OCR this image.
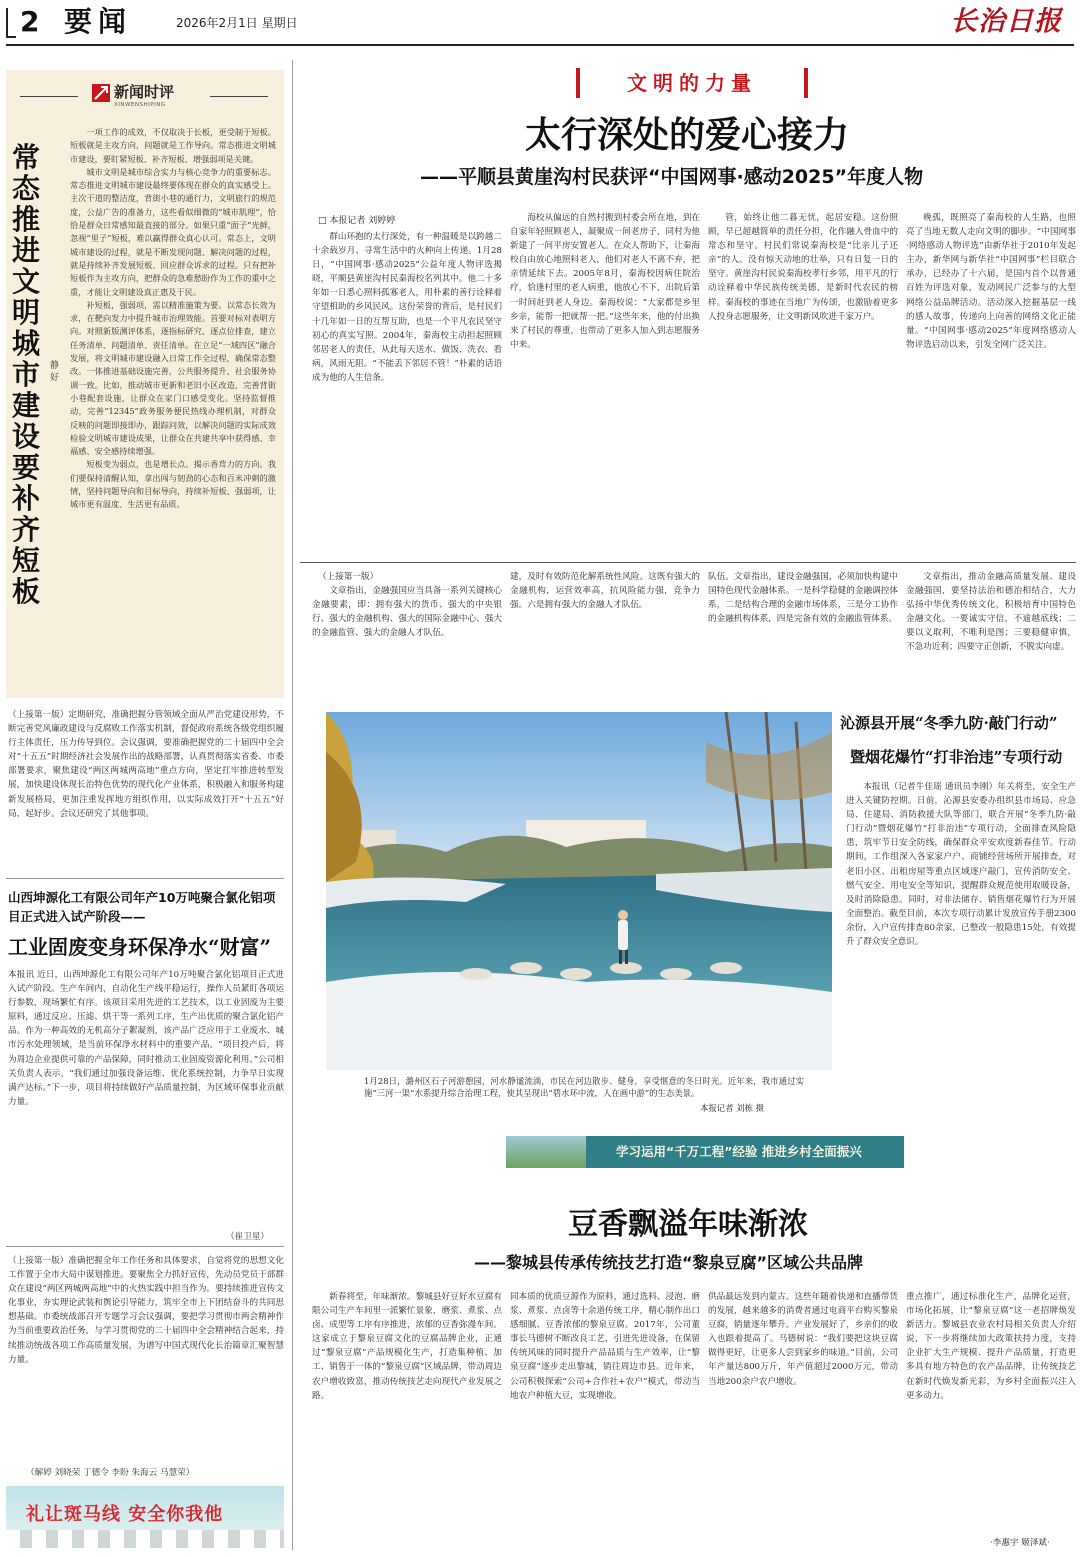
2 要闻	2026年2月1日 星期日	长治日报
新闻时评
XINWENSHIPING
常态推进文明城市建设要补齐短板
静好

一项工作的成效，不仅取决于长板，更受制于短板。短板就是主攻方向，问题就是工作导向。常态推进文明城市建设，要盯紧短板、补齐短板、增强弱项是关键。

城市文明是城市综合实力与核心竞争力的重要标志。常态推进文明城市建设最终要体现在群众的真实感受上。主次干道的整洁度，背街小巷的通行力，文明旅行的规范度，公益广告的准备力，这些看似细微的“城市肌理”，恰恰是群众日常感知最直接的部分。如果只重“面子”光鲜，忽视“里子”短板，难以赢得群众真心认可。常态上，文明城市建设的过程，就是不断发现问题、解决问题的过程，就是持续补齐发展短板、回应群众诉求的过程。只有把补短板作为主攻方向，把群众的急难愁盼作为工作的重中之重，才能让文明建设真正惠及于民。

补短板，强弱项，需以精准施策为要。以常态长效为求，在靶向发力中提升城市治理效能。首要对标对表明方向。对照新版测评体系，逐指标研究、逐点位排查，建立任务清单、问题清单、责任清单。在立足“一域四区”融合发展，将文明城市建设融入日常工作全过程，确保常态整改。一体推进基础设施完善，公共服务提升、社会服务协调一致。比如，推动城市更新和老旧小区改造，完善背街小巷配套设施，让群众在家门口感受变化。坚持监督推动，完善“12345”政务服务便民热线办理机制，对群众反映的问题即接即办，跟踪问效，以解决问题的实际成效检验文明城市建设成果，让群众在共建共享中获得感、幸福感、安全感持续增强。

短板变为弱点，也是增长点。揭示香茸力的方向。我们要保持清醒认知，拿出闯与韧劲的心态和百米冲刺的激情，坚持问题导向和目标导向，持续补短板、强弱项，让城市更有温度、生活更有品质。

（上接第一版）定期研究，准确把握分管领域全面从严治党建设形势，不断完善党风廉政建设与反腐败工作落实机制，督促政府系统各级党组织履行主体责任，压力传导到位。会议强调，要准确把握党的二十届四中全会对“十五五”时期经济社会发展作出的战略部署，认真贯彻落实省委、市委部署要求，聚焦建设“两区两城两高地”重点方向，坚定扛牢推进转型发展，加快建设体现长治特色优势的现代化产业体系，积极融入和服务构建新发展格局，更加注重发挥地方组织作用，以实际成效打开“十五五”好局，起好步。会议还研究了其他事项。
山西坤源化工有限公司年产10万吨聚合氯化铝项目正式进入试产阶段——
工业固废变身环保净水“财富”
本报讯 近日，山西坤源化工有限公司年产10万吨聚合氯化铝项目正式进入试产阶段。生产车间内，自动化生产线平稳运行，操作人员紧盯各项运行参数，现场繁忙有序。该项目采用先进的工艺技术，以工业固废为主要原料，通过反应、压滤、烘干等一系列工序，生产出优质的聚合氯化铝产品。作为一种高效的无机高分子絮凝剂，该产品广泛应用于工业废水、城市污水处理领域，是当前环保净水材料中的重要产品。“项目投产后，将为周边企业提供可靠的产品保障，同时推动工业固废资源化利用。”公司相关负责人表示，“我们通过加强设备运维、优化系统控制，力争早日实现满产达标。”下一步，项目将持续做好产品质量控制，为区域环保事业贡献力量。
（崔卫星）
（上接第一版）准确把握全年工作任务和具体要求，自觉将党的思想文化工作置于全市大局中谋划推进。要聚焦全力抓好宣传，先动员党员干部群众在建设“两区两城两高地”中的火热实践中担当作为。要持续推进宣传文化事业，夯实理论武装和舆论引导能力，筑牢全市上下团结奋斗的共同思想基础。市委统战部召开专题学习会议强调，要把学习贯彻市两会精神作为当前重要政治任务，与学习贯彻党的二十届四中全会精神结合起来，持续推动统战各项工作高质量发展，为谱写中国式现代化长治篇章汇聚智慧力量。
（解婷 刘晓荣 丁德令 李盼 朱海云 马慧荣）
礼让斑马线 安全你我他
文明的力量
太行深处的爱心接力
——平顺县黄崖沟村民获评“中国网事·感动2025”年度人物
□ 本报记者 刘婷婷
群山环抱的太行深处，有一种温暖是以跨越二十余载岁月、寻常生活中的火种向上传递。1月28日，“中国网事·感动2025”公益年度人物评选揭晓，平顺县黄崖沟村民秦海校名列其中。他二十多年如一日悉心照料孤寡老人，用朴素的善行诠释着守望相助的乡风民风。这份荣誉的背后，是村民们十几年如一日的互帮互助，也是一个平凡农民坚守初心的真实写照。2004年，秦海校主动担起照顾邻居老人的责任，从此每天送水、做饭、洗衣、看病，风雨无阻。“不能丢下邻居不管！”朴素的话语成为他的人生信条。
海校从偏远的自然村搬到村委会所在地，到在自家年轻照顾老人，凝聚成一间老房子，同村为他新建了一间平房安置老人。在众人帮助下，让秦海校自由放心地照料老人，他们对老人不离不弃，把亲情延续下去。2005年8月，秦海校因病住院治疗，恰逢村里的老人病重，他放心不下，出院后第一时间赶到老人身边。秦海校说：“大家都是乡里乡亲，能帮一把就帮一把。”这些年来，他的付出换来了村民的尊重，也带动了更多人加入到志愿服务中来。
管，始终让他二暮无忧，起居安稳。这份照顾，早已超越简单的责任分担，化作融入骨血中的常态和坚守。村民们常说秦海校是“比亲儿子还亲”的人。没有惊天动地的壮举，只有日复一日的坚守。黄崖沟村民说秦海校孝行乡邻，用平凡的行动诠释着中华民族传统美德，是新时代农民的榜样。秦海校的事迹在当地广为传颂，也激励着更多人投身志愿服务，让文明新风吹进千家万户。
晚孤，既照亮了秦海校的人生路，也照亮了当地无数人走向文明的脚步。“中国网事·网络感动人物评选”由新华社于2010年发起主办，新华网与新华社“中国网事”栏目联合承办，已经办了十六届，是国内首个以普通百姓为评选对象，发动网民广泛参与的大型网络公益品牌活动。活动深入挖掘基层一线的感人故事，传递向上向善的网络文化正能量。“中国网事·感动2025”年度网络感动人物评选启动以来，引发全网广泛关注。
（上接第一版）
文章指出，金融强国应当具备一系列关键核心金融要素，即：拥有强大的货币、强大的中央银行、强大的金融机构、强大的国际金融中心、强大的金融监管、强大的金融人才队伍。
建，及时有效防范化解系统性风险。这既有强大的金融机构，运营效率高，抗风险能力强，竞争力强。六是拥有强大的金融人才队伍。
队伍。文章指出，建设金融强国，必须加快构建中国特色现代金融体系。一是科学稳健的金融调控体系，二是结构合理的金融市场体系，三是分工协作的金融机构体系，四是完备有效的金融监管体系。
文章指出，推动金融高质量发展、建设金融强国，要坚持法治和德治相结合，大力弘扬中华优秀传统文化，积极培育中国特色金融文化。一要诚实守信，不逾越底线；二要以义取利，不唯利是图；三要稳健审慎，不急功近利；四要守正创新，不脱实向虚。
1月28日，潞州区石子河游憩园，河水静谧流淌，市民在河边散步、健身，享受惬意的冬日时光。近年来，我市通过实施“三河一渠”水系提升综合治理工程，使其呈现出“碧水环中流，人在画中游”的生态美景。
本报记者 刘栋 摄
沁源县开展“冬季九防·敲门行动”
暨烟花爆竹“打非治违”专项行动
本报讯（记者牛佳瑶 通讯员李刚）年关将至，安全生产进入关键防控期。日前，沁源县安委办组织县市场局、应急局、住建局、消防救援大队等部门，联合开展“冬季九防·敲门行动”暨烟花爆竹“打非治违”专项行动，全面排查风险隐患，筑牢节日安全防线，确保群众平安欢度新春佳节。行动期间，工作组深入各家家户户、商铺经营场所开展排查，对老旧小区、出租房屋等重点区域逐户敲门，宣传消防安全、燃气安全、用电安全等知识，提醒群众规范使用取暖设备，及时消除隐患。同时，对非法储存、销售烟花爆竹行为开展全面整治。截至目前，本次专项行动累计发放宣传手册2300余份，入户宣传排查80余家，已整改一般隐患15处，有效提升了群众安全意识。
学习运用“千万工程”经验 推进乡村全面振兴
豆香飘溢年味渐浓
——黎城县传承传统技艺打造“黎泉豆腐”区域公共品牌
新春将至，年味渐浓。黎城县好豆好水豆腐有限公司生产车间里一派繁忙景象，磨浆、煮浆、点卤、成型等工序有序推进，浓郁的豆香弥漫车间。这家成立于黎泉豆腐文化的豆腐品牌企业，正通过“黎泉豆腐”产品规模化生产，打造集种植、加工、销售于一体的“黎泉豆腐”区域品牌，带动周边农户增收致富，推动传统技艺走向现代产业发展之路。
同本质的优质豆源作为原料，通过选料、浸泡、磨浆、煮浆、点卤等十余道传统工序，精心制作出口感细腻、豆香浓郁的黎泉豆腐。2017年，公司董事长马德树不断改良工艺，引进先进设备，在保留传统风味的同时提升产品品质与生产效率，让“黎泉豆腐”逐步走出黎城，销往周边市县。近年来，公司积极探索“公司+合作社+农户”模式，带动当地农户种植大豆，实现增收。
供品最远发到内蒙古。这些年随着快递和直播带货的发展，越来越多的消费者通过电商平台购买黎泉豆腐，销量逐年攀升。产业发展好了，乡亲们的收入也跟着提高了。马德树说：“我们要把这块豆腐做得更好，让更多人尝到家乡的味道。”目前，公司年产量达800万斤，年产值超过2000万元，带动当地200余户农户增收。
重点推广，通过标准化生产，品牌化运营，市场化拓展，让“黎泉豆腐”这一老招牌焕发新活力。黎城县农业农村局相关负责人介绍说，下一步将继续加大政策扶持力度，支持企业扩大生产规模、提升产品质量，打造更多具有地方特色的农产品品牌，让传统技艺在新时代焕发新光彩，为乡村全面振兴注入更多动力。
·李惠宇 姬泽斌·
